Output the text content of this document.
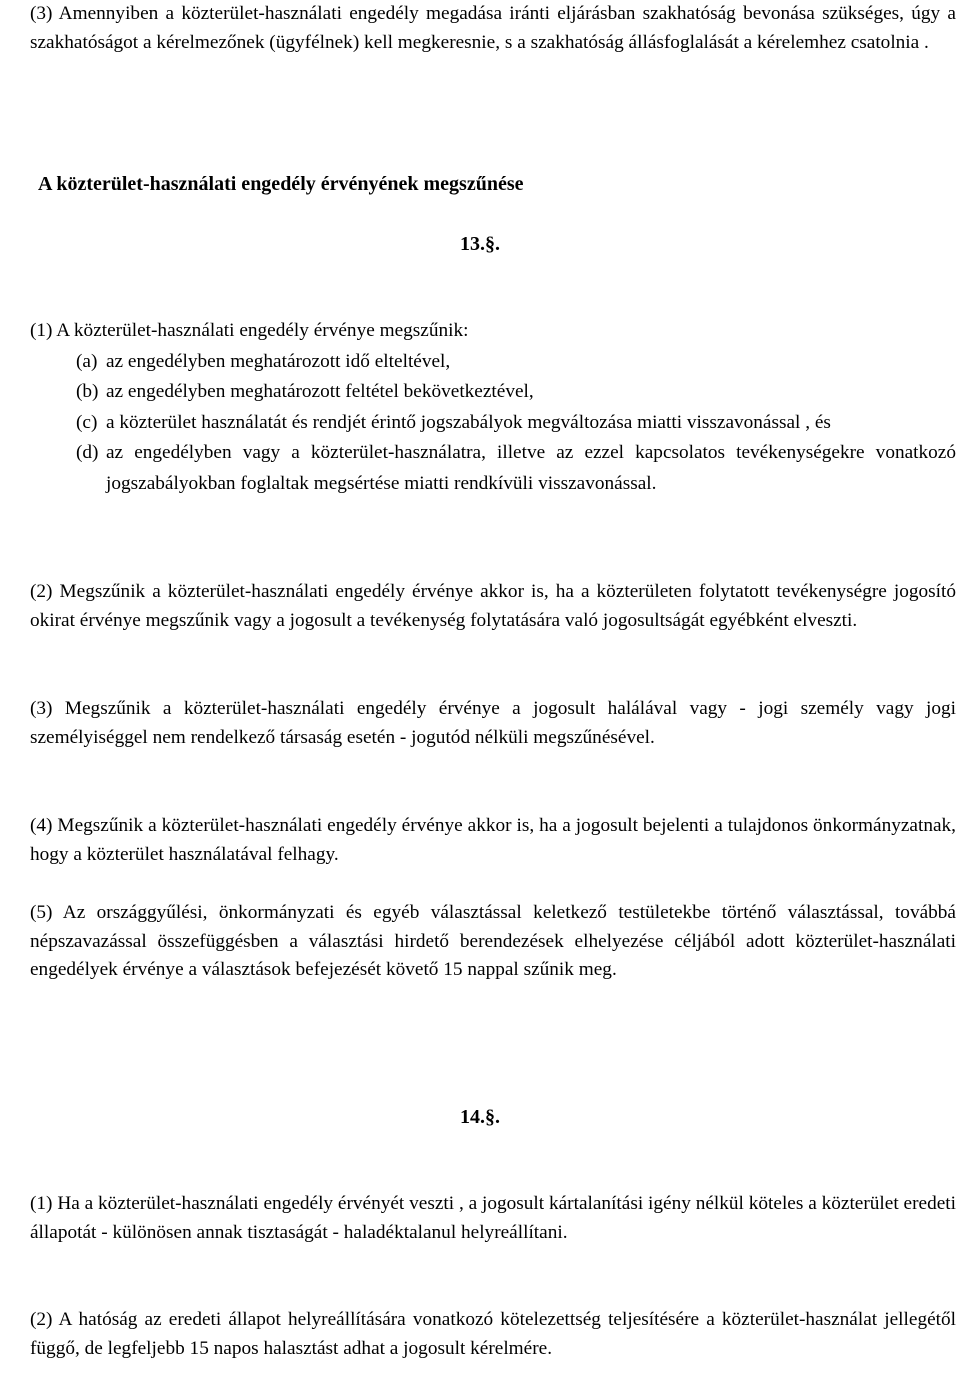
(3) Amennyiben a közterület-használati engedély megadása iránti eljárásban szakhatóság bevonása szükséges, úgy a szakhatóságot a kérelmezőnek (ügyfélnek) kell megkeresnie, s a szakhatóság állásfoglalását a kérelemhez csatolnia .

A közterület-használati engedély érvényének megszűnése
13.§.

(1) A közterület-használati engedély érvénye megszűnik:

(a) az engedélyben meghatározott idő elteltével,
(b) az engedélyben meghatározott feltétel bekövetkeztével,
(c) a közterület használatát és rendjét érintő jogszabályok megváltozása miatti visszavonással , és
(d) az engedélyben vagy a közterület-használatra, illetve az ezzel kapcsolatos tevékenységekre vonatkozó jogszabályokban foglaltak megsértése miatti rendkívüli visszavonással.

(2) Megszűnik a közterület-használati engedély érvénye akkor is, ha a közterületen folytatott tevékenységre jogosító okirat érvénye megszűnik vagy a jogosult a tevékenység folytatására való jogosultságát egyébként elveszti.

(3) Megszűnik a közterület-használati engedély érvénye a jogosult halálával vagy - jogi személy vagy jogi személyiséggel nem rendelkező társaság esetén - jogutód nélküli megszűnésével.

(4) Megszűnik a közterület-használati engedély érvénye akkor is, ha a jogosult bejelenti a tulajdonos önkormányzatnak, hogy a közterület használatával felhagy.

(5) Az országgyűlési, önkormányzati és egyéb választással keletkező testületekbe történő választással, továbbá népszavazással összefüggésben a választási hirdető berendezések elhelyezése céljából adott közterület-használati engedélyek érvénye a választások befejezését követő 15 nappal szűnik meg.

14.§.

(1) Ha a közterület-használati engedély érvényét veszti , a jogosult kártalanítási igény nélkül köteles a közterület eredeti állapotát - különösen annak tisztaságát - haladéktalanul helyreállítani.

(2) A hatóság az eredeti állapot helyreállítására vonatkozó kötelezettség teljesítésére a közterület-használat jellegétől függő, de legfeljebb 15 napos halasztást adhat a jogosult kérelmére.
